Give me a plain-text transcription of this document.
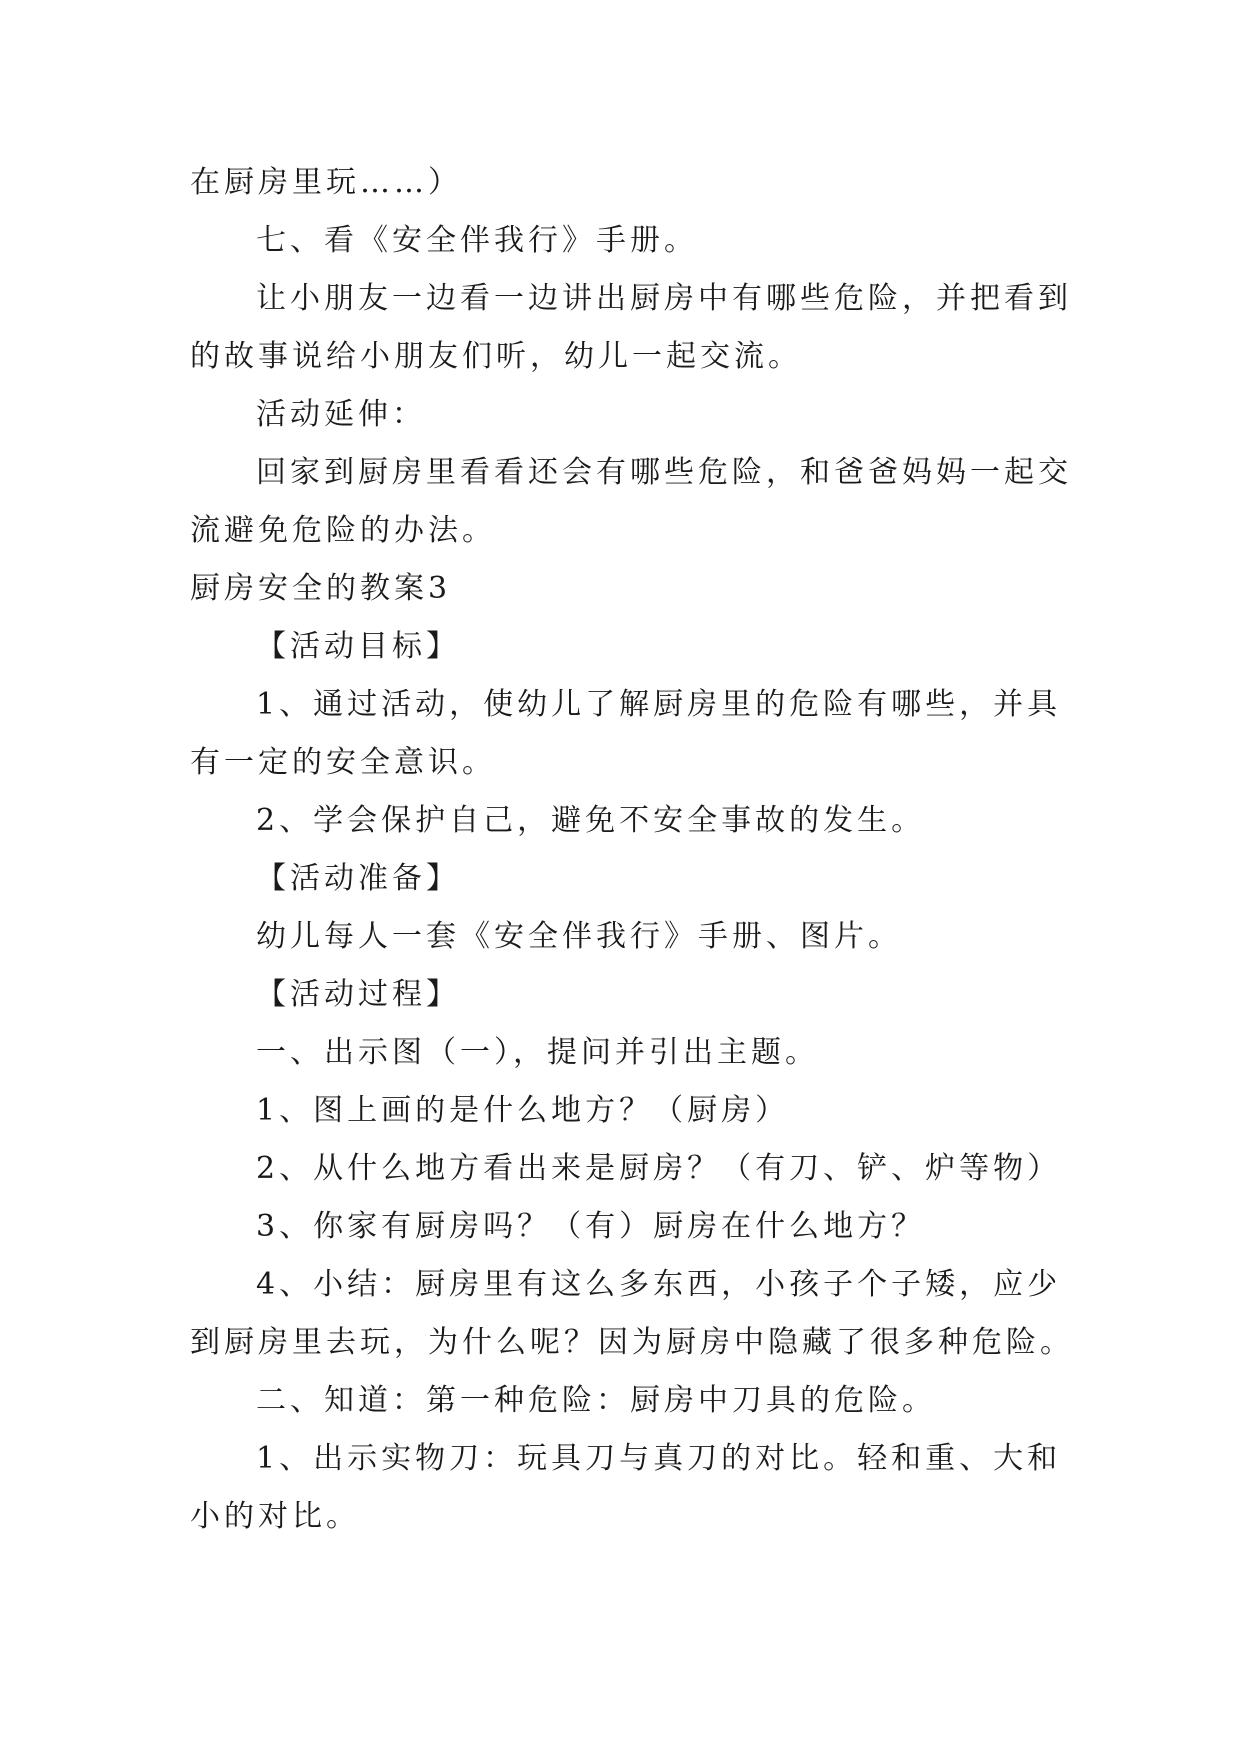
在厨房里玩……）
七、看《安全伴我行》手册。
让小朋友一边看一边讲出厨房中有哪些危险，并把看到
的故事说给小朋友们听，幼儿一起交流。
活动延伸：
回家到厨房里看看还会有哪些危险，和爸爸妈妈一起交
流避免危险的办法。
厨房安全的教案3
【活动目标】
1、通过活动，使幼儿了解厨房里的危险有哪些，并具
有一定的安全意识。
2、学会保护自己，避免不安全事故的发生。
【活动准备】
幼儿每人一套《安全伴我行》手册、图片。
【活动过程】
一、出示图（一），提问并引出主题。
1、图上画的是什么地方？（厨房）
2、从什么地方看出来是厨房？（有刀、铲、炉等物）
3、你家有厨房吗？（有）厨房在什么地方？
4、小结：厨房里有这么多东西，小孩子个子矮，应少
到厨房里去玩，为什么呢？因为厨房中隐藏了很多种危险。
二、知道：第一种危险：厨房中刀具的危险。
1、出示实物刀：玩具刀与真刀的对比。轻和重、大和
小的对比。
